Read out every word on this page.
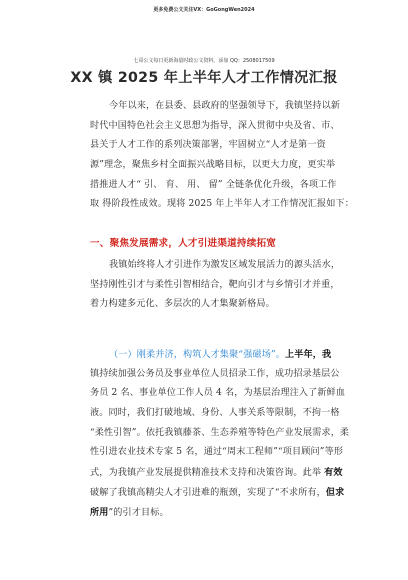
更多免费公文关注VX：GoGongWen2024
七哥公文每日更新海量时政公文资料，添加 QQ：2508017509
XX 镇 2025 年上半年人才工作情况汇报
今年以来，在县委、县政府的坚强领导下，我镇坚持以新
时代中国特色社会主义思想为指导，深入贯彻中央及省、市、
县关于人才工作的系列决策部署，牢固树立“人才是第一资
源”理念，聚焦乡村全面振兴战略目标，以更大力度，更实举
措推进人才“ 引、 育、 用、 留” 全链条优化升级，各项工作
取 得阶段性成效。现将 2025 年上半年人才工作情况汇报如下：
一、聚焦发展需求，人才引进渠道持续拓宽
我镇始终将人才引进作为激发区域发展活力的源头活水，
坚持刚性引才与柔性引智相结合，靶向引才与乡情引才并重，
着力构建多元化、多层次的人才集聚新格局。
（一）刚柔并济，构筑人才集聚“强磁场”。上半年，我
镇持续加强公务员及事业单位人员招录工作，成功招录基层公
务员 2 名、事业单位工作人员 4 名，为基层治理注入了新鲜血
液。同时，我们打破地域、身份、人事关系等限制，不拘一格
“柔性引智”。依托我镇藤茶、生态养殖等特色产业发展需求，柔
性引进农业技术专家 5 名，通过“周末工程师”“项目顾问”等形
式，为我镇产业发展提供精准技术支持和决策咨询。此举 有效
破解了我镇高精尖人才引进难的瓶颈，实现了“不求所有，但求
所用”的引才目标。
